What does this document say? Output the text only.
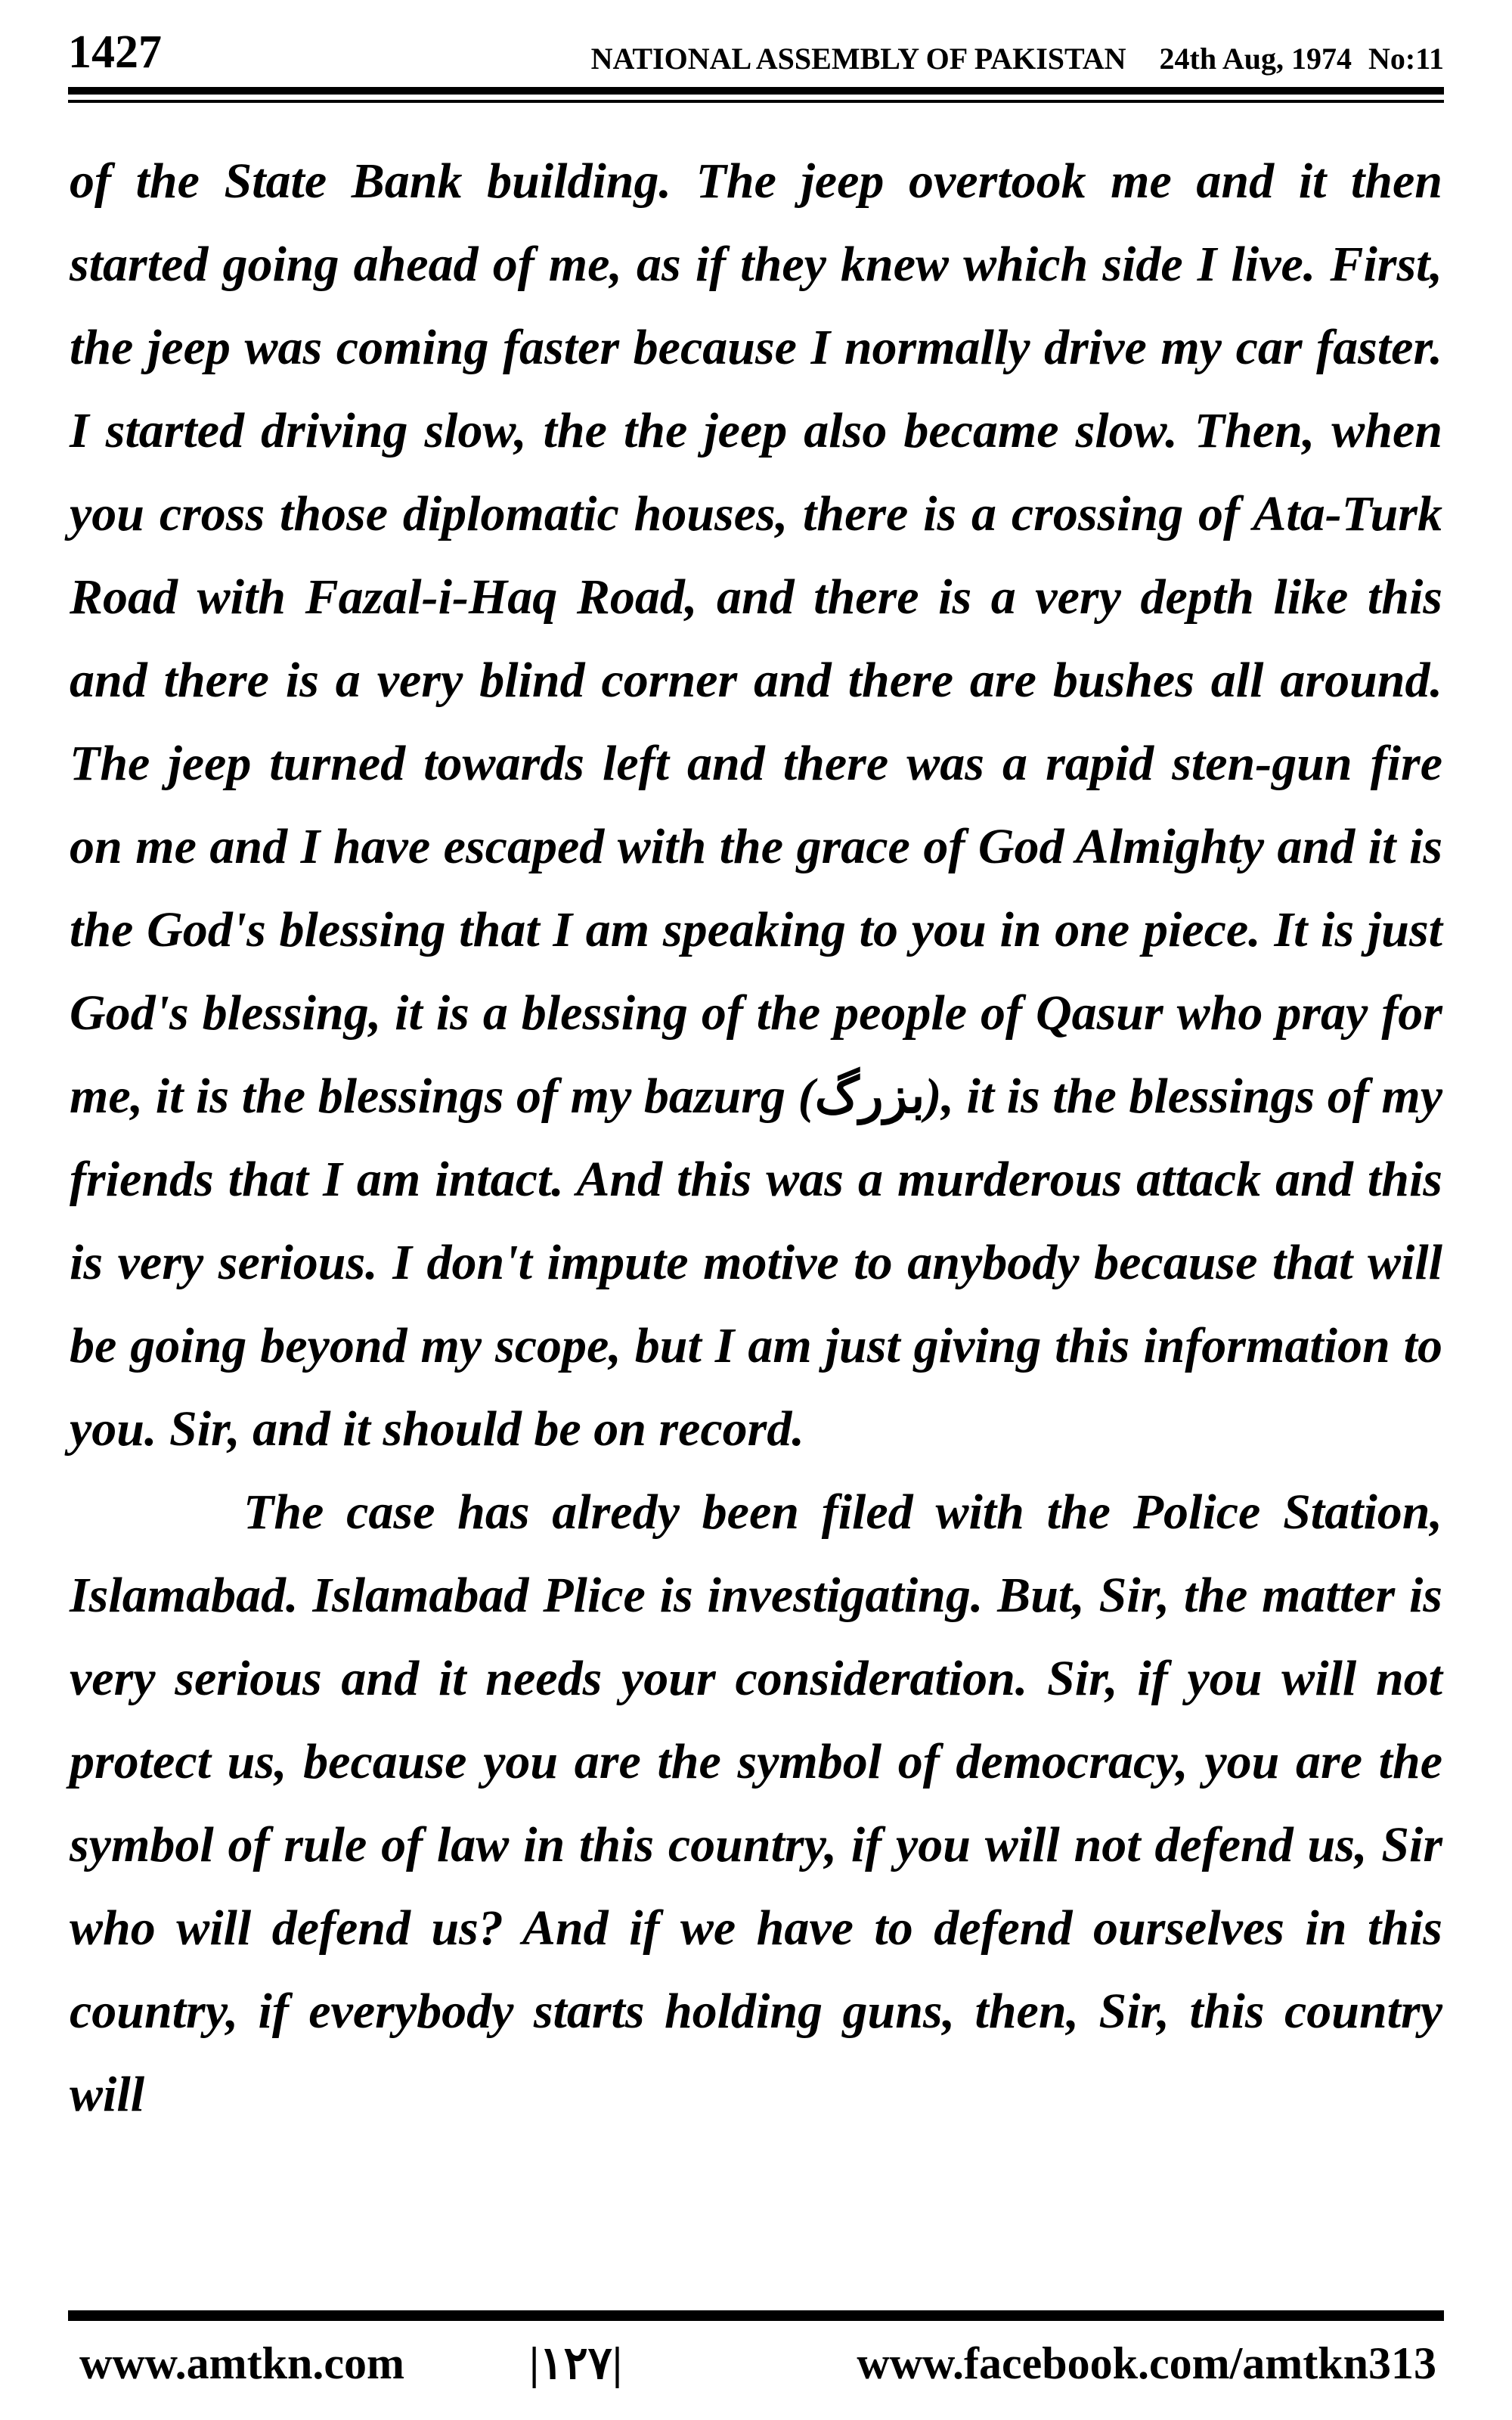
1427	NATIONAL ASSEMBLY OF PAKISTAN 24th Aug, 1974 No:11

of the State Bank building. The jeep overtook me and it then started going ahead of me, as if they knew which side I live. First, the jeep was coming faster because I normally drive my car faster. I started driving slow, the the jeep also became slow. Then, when you cross those diplomatic houses, there is a crossing of Ata-Turk Road with Fazal-i-Haq Road, and there is a very depth like this and there is a very blind corner and there are bushes all around. The jeep turned towards left and there was a rapid sten-gun fire on me and I have escaped with the grace of God Almighty and it is the God's blessing that I am speaking to you in one piece. It is just God's blessing, it is a blessing of the people of Qasur who pray for me, it is the blessings of my bazurg (بزرگ), it is the blessings of my friends that I am intact. And this was a murderous attack and this is very serious. I don't impute motive to anybody because that will be going beyond my scope, but I am just giving this information to you. Sir, and it should be on record.

The case has alredy been filed with the Police Station, Islamabad. Islamabad Plice is investigating. But, Sir, the matter is very serious and it needs your consideration. Sir, if you will not protect us, because you are the symbol of democracy, you are the symbol of rule of law in this country, if you will not defend us, Sir who will defend us? And if we have to defend ourselves in this country, if everybody starts holding guns, then, Sir, this country will

www.amtkn.com	|١٢٧|	www.facebook.com/amtkn313
